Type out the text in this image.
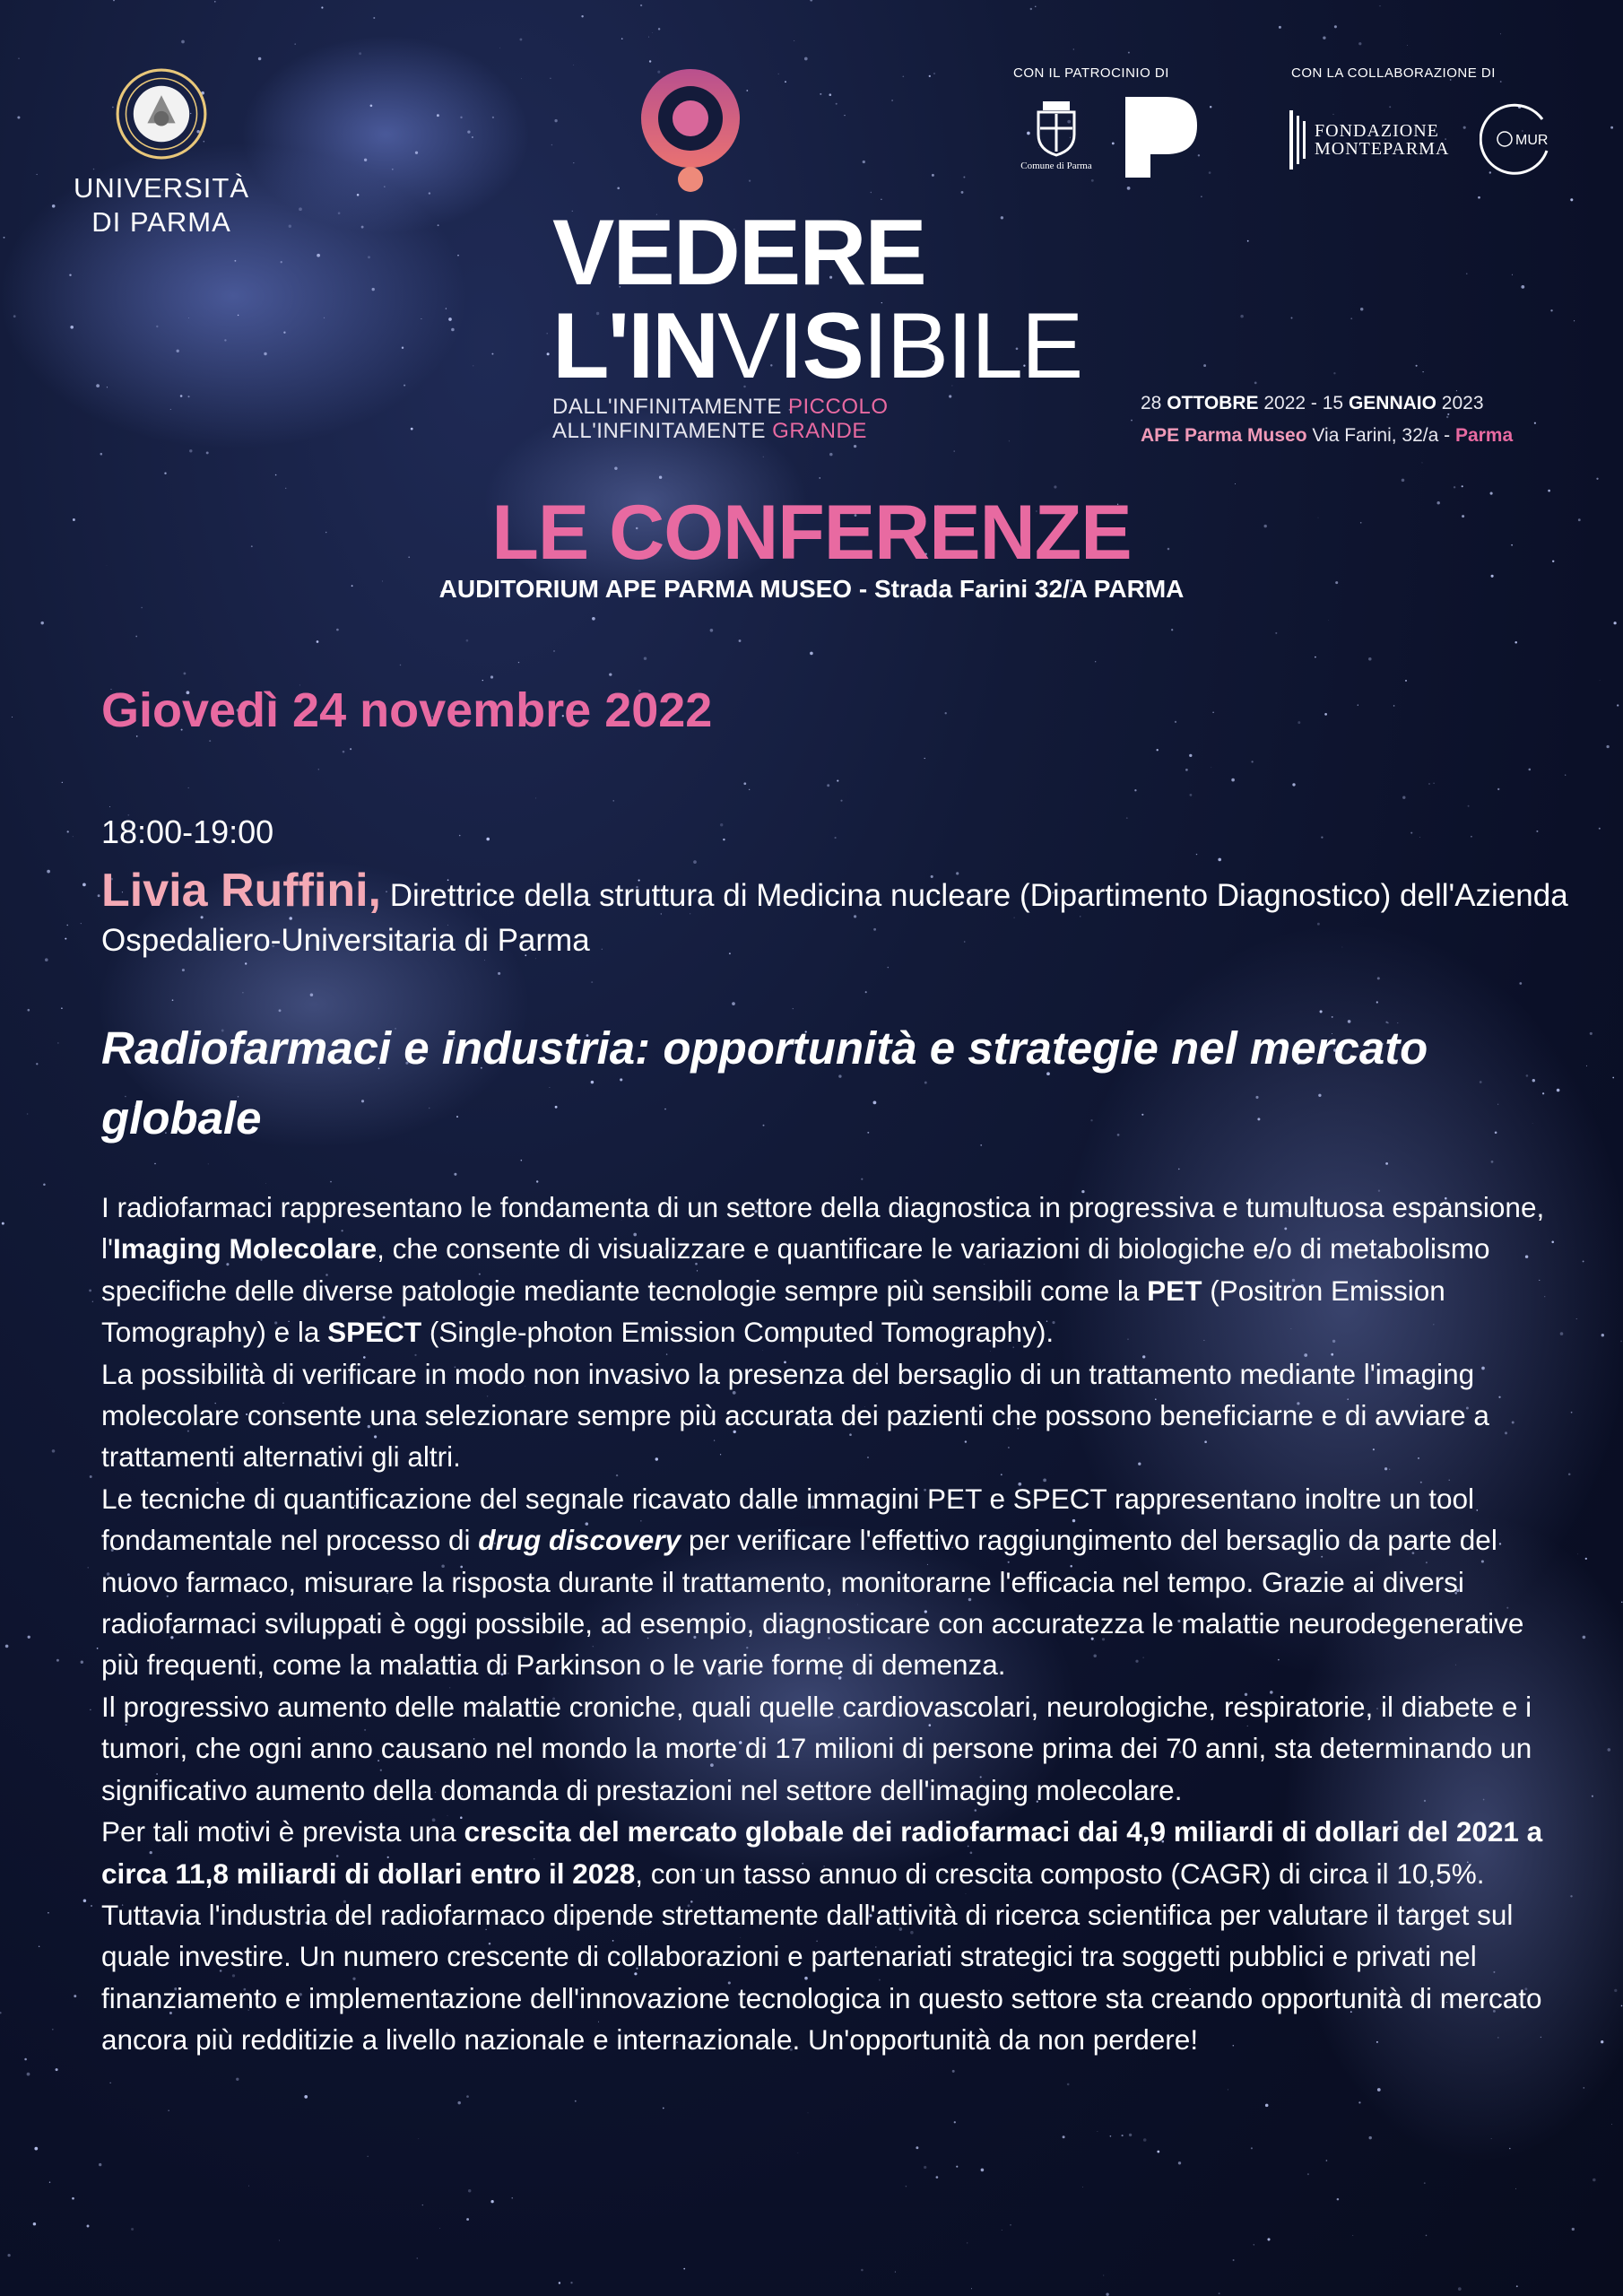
UNIVERSITÀ
DI PARMA	VEDERE
L'INVISIBILE
DALL'INFINITAMENTE PICCOLO
ALL'INFINITAMENTE GRANDE
CON IL PATROCINIO DI
Comune di Parma
CON LA COLLABORAZIONE DI
FONDAZIONE
MONTEPARMA	MUR
28 OTTOBRE 2022 - 15 GENNAIO 2023
APE Parma Museo Via Farini, 32/a - Parma
LE CONFERENZE
AUDITORIUM APE PARMA MUSEO - Strada Farini 32/A PARMA
Giovedì 24 novembre 2022
18:00-19:00
Livia Ruffini, Direttrice della struttura di Medicina nucleare (Dipartimento Diagnostico) dell'Azienda Ospedaliero-Universitaria di Parma
Radiofarmaci e industria: opportunità e strategie nel mercato globale

I radiofarmaci rappresentano le fondamenta di un settore della diagnostica in progressiva e tumultuosa espansione, l'Imaging Molecolare, che consente di visualizzare e quantificare le variazioni di biologiche e/o di metabolismo specifiche delle diverse patologie mediante tecnologie sempre più sensibili come la PET (Positron Emission Tomography) e la SPECT (Single-photon Emission Computed Tomography).

La possibilità di verificare in modo non invasivo la presenza del bersaglio di un trattamento mediante l'imaging molecolare consente una selezionare sempre più accurata dei pazienti che possono beneficiarne e di avviare a trattamenti alternativi gli altri.

Le tecniche di quantificazione del segnale ricavato dalle immagini PET e SPECT rappresentano inoltre un tool fondamentale nel processo di drug discovery per verificare l'effettivo raggiungimento del bersaglio da parte del nuovo farmaco, misurare la risposta durante il trattamento, monitorarne l'efficacia nel tempo. Grazie ai diversi radiofarmaci sviluppati è oggi possibile, ad esempio, diagnosticare con accuratezza le malattie neurodegenerative più frequenti, come la malattia di Parkinson o le varie forme di demenza.

Il progressivo aumento delle malattie croniche, quali quelle cardiovascolari, neurologiche, respiratorie, il diabete e i tumori, che ogni anno causano nel mondo la morte di 17 milioni di persone prima dei 70 anni, sta determinando un significativo aumento della domanda di prestazioni nel settore dell'imaging molecolare.

Per tali motivi è prevista una crescita del mercato globale dei radiofarmaci dai 4,9 miliardi di dollari del 2021 a circa 11,8 miliardi di dollari entro il 2028, con un tasso annuo di crescita composto (CAGR) di circa il 10,5%. Tuttavia l'industria del radiofarmaco dipende strettamente dall'attività di ricerca scientifica per valutare il target sul quale investire. Un numero crescente di collaborazioni e partenariati strategici tra soggetti pubblici e privati nel finanziamento e implementazione dell'innovazione tecnologica in questo settore sta creando opportunità di mercato ancora più redditizie a livello nazionale e internazionale. Un'opportunità da non perdere!
